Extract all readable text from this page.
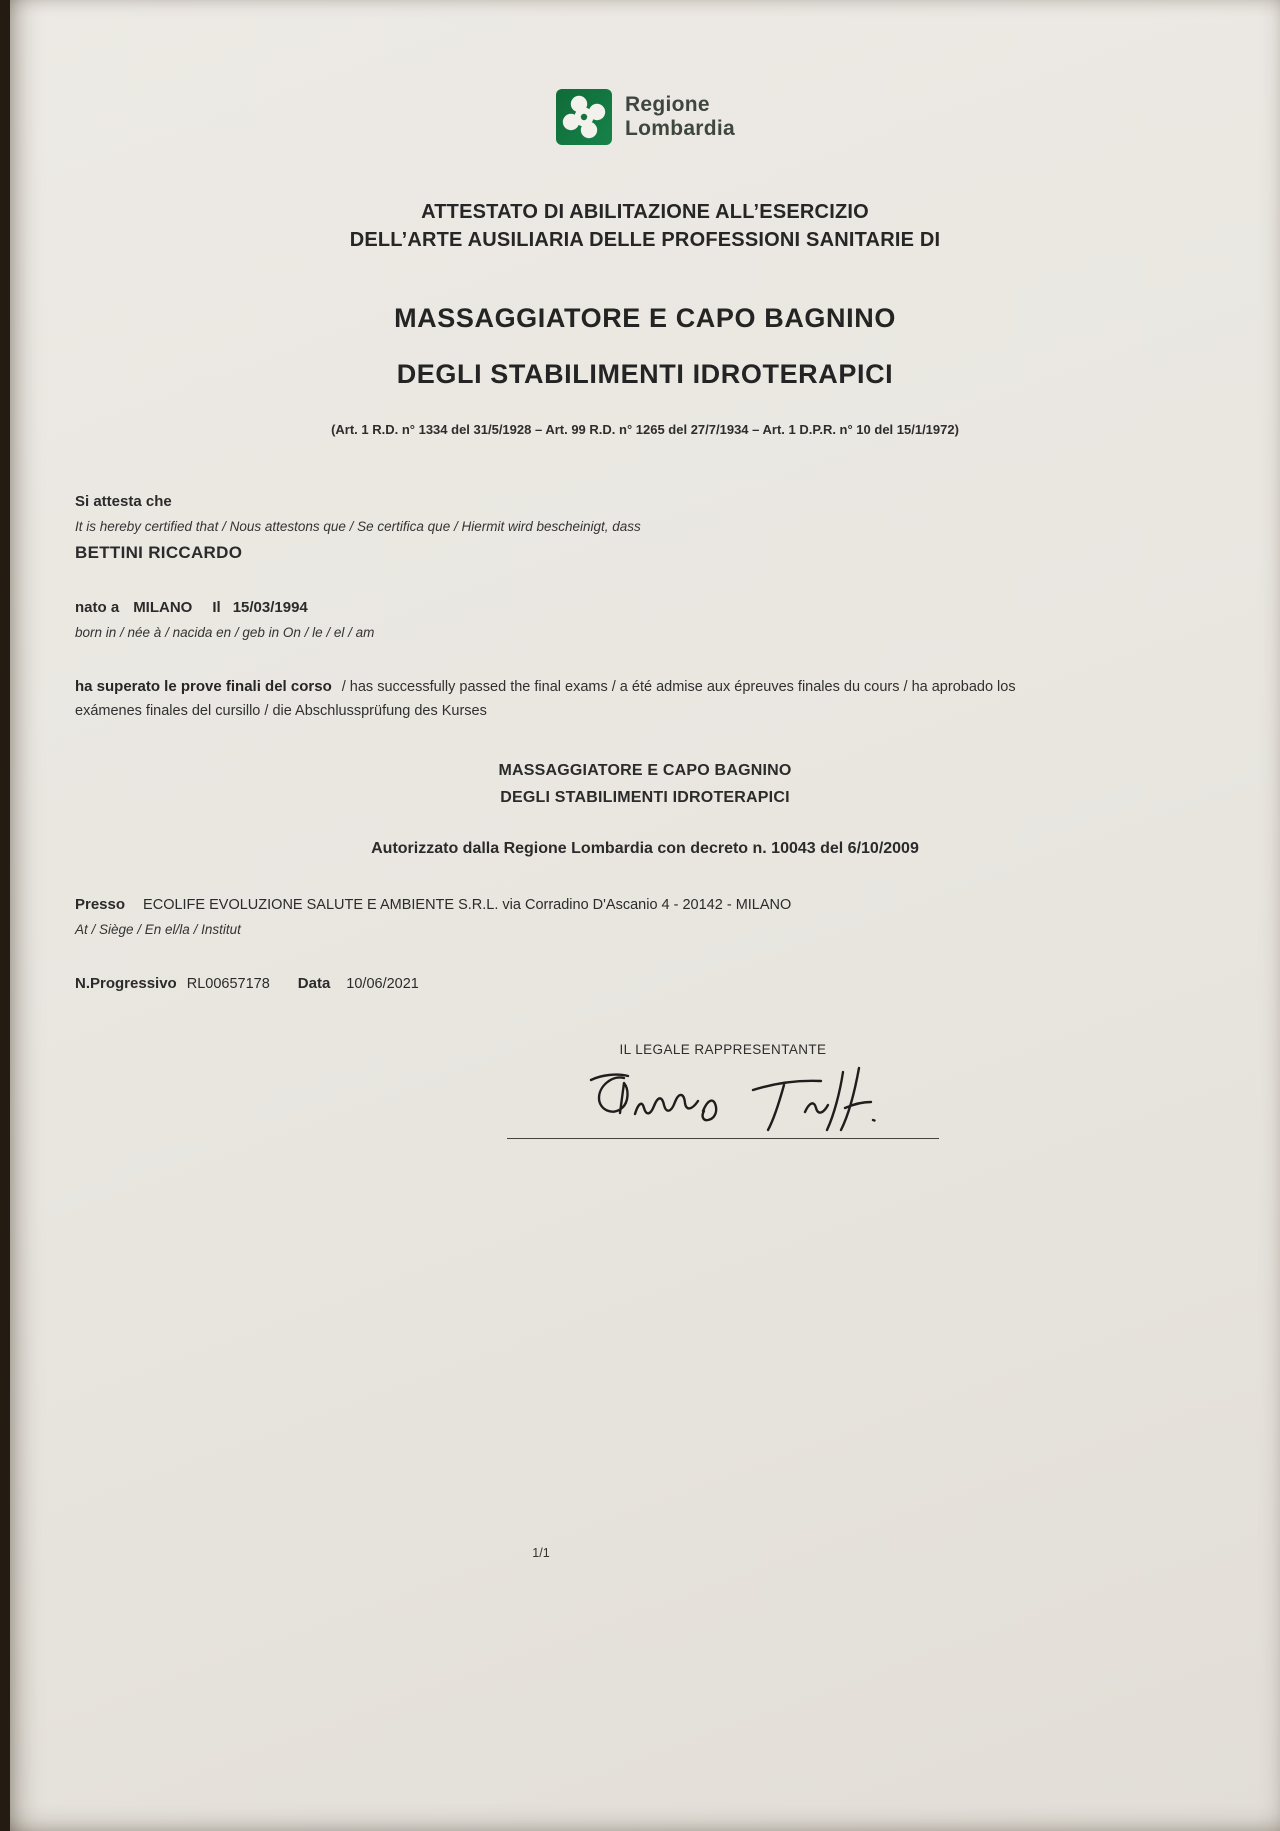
Regione
Lombardia
ATTESTATO DI ABILITAZIONE ALL’ESERCIZIO
DELL’ARTE AUSILIARIA DELLE PROFESSIONI SANITARIE DI
MASSAGGIATORE E CAPO BAGNINO
DEGLI STABILIMENTI IDROTERAPICI
(Art. 1 R.D. n° 1334 del 31/5/1928 – Art. 99 R.D. n° 1265 del 27/7/1934 – Art. 1 D.P.R. n° 10 del 15/1/1972)
Si attesta che
It is hereby certified that / Nous attestons que / Se certifica que / Hiermit wird bescheinigt, dass
BETTINI RICCARDO
nato a MILANO Il 15/03/1994
born in / née à / nacida en / geb in On / le / el / am
ha superato le prove finali del corso / has successfully passed the final exams / a été admise aux épreuves finales du cours / ha aprobado los exámenes finales del cursillo / die Abschlussprüfung des Kurses
MASSAGGIATORE E CAPO BAGNINO
DEGLI STABILIMENTI IDROTERAPICI
Autorizzato dalla Regione Lombardia con decreto n. 10043 del 6/10/2009
Presso ECOLIFE EVOLUZIONE SALUTE E AMBIENTE S.R.L. via Corradino D'Ascanio 4 - 20142 - MILANO
At / Siège / En el/la / Institut
N.Progressivo RL00657178 Data 10/06/2021
IL LEGALE RAPPRESENTANTE
1/1
